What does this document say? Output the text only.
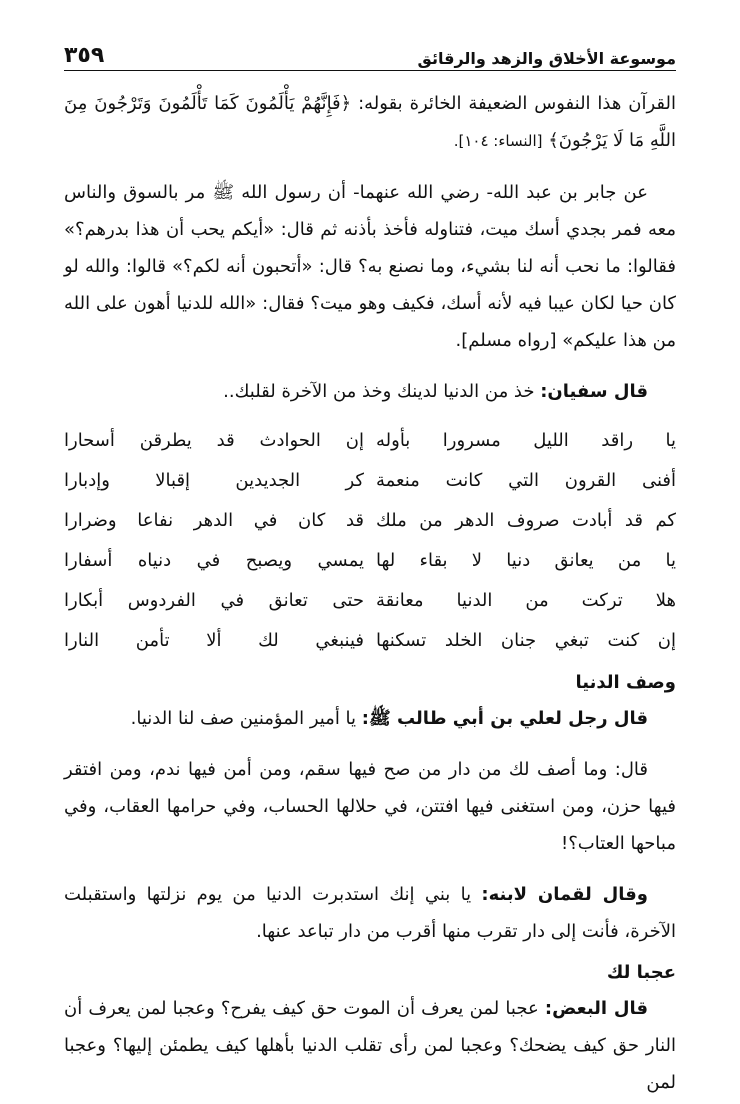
موسوعة الأخلاق والزهد والرقائق
٣٥٩

القرآن هذا النفوس الضعيفة الخائرة بقوله: ﴿فَإِنَّهُمْ يَأْلَمُونَ كَمَا تَأْلَمُونَ وَتَرْجُونَ مِنَ اللَّهِ مَا لَا يَرْجُونَ﴾ [النساء: ١٠٤].

عن جابر بن عبد الله- رضي الله عنهما- أن رسول الله ﷺ مر بالسوق والناس معه فمر بجدي أسك ميت، فتناوله فأخذ بأذنه ثم قال: «أيكم يحب أن هذا بدرهم؟» فقالوا: ما نحب أنه لنا بشيء، وما نصنع به؟ قال: «أتحبون أنه لكم؟» قالوا: والله لو كان حيا لكان عيبا فيه لأنه أسك، فكيف وهو ميت؟ فقال: «الله للدنيا أهون على الله من هذا عليكم» [رواه مسلم].

قال سفيان: خذ من الدنيا لدينك وخذ من الآخرة لقلبك..

يا راقد الليل مسرورا بأوله
إن الحوادث قد يطرقن أسحارا
أفنى القرون التي كانت منعمة
كر الجديدين إقبالا وإدبارا
كم قد أبادت صروف الدهر من ملك
قد كان في الدهر نفاعا وضرارا
يا من يعانق دنيا لا بقاء لها
يمسي ويصبح في دنياه أسفارا
هلا تركت من الدنيا معانقة
حتى تعانق في الفردوس أبكارا
إن كنت تبغي جنان الخلد تسكنها
فينبغي لك ألا تأمن النارا
وصف الدنيا

قال رجل لعلي بن أبي طالب ﷺ: يا أمير المؤمنين صف لنا الدنيا.

قال: وما أصف لك من دار من صح فيها سقم، ومن أمن فيها ندم، ومن افتقر فيها حزن، ومن استغنى فيها افتتن، في حلالها الحساب، وفي حرامها العقاب، وفي مباحها العتاب؟!

وقال لقمان لابنه: يا بني إنك استدبرت الدنيا من يوم نزلتها واستقبلت الآخرة، فأنت إلى دار تقرب منها أقرب من دار تباعد عنها.

عجبا لك

قال البعض: عجبا لمن يعرف أن الموت حق كيف يفرح؟ وعجبا لمن يعرف أن النار حق كيف يضحك؟ وعجبا لمن رأى تقلب الدنيا بأهلها كيف يطمئن إليها؟ وعجبا لمن
